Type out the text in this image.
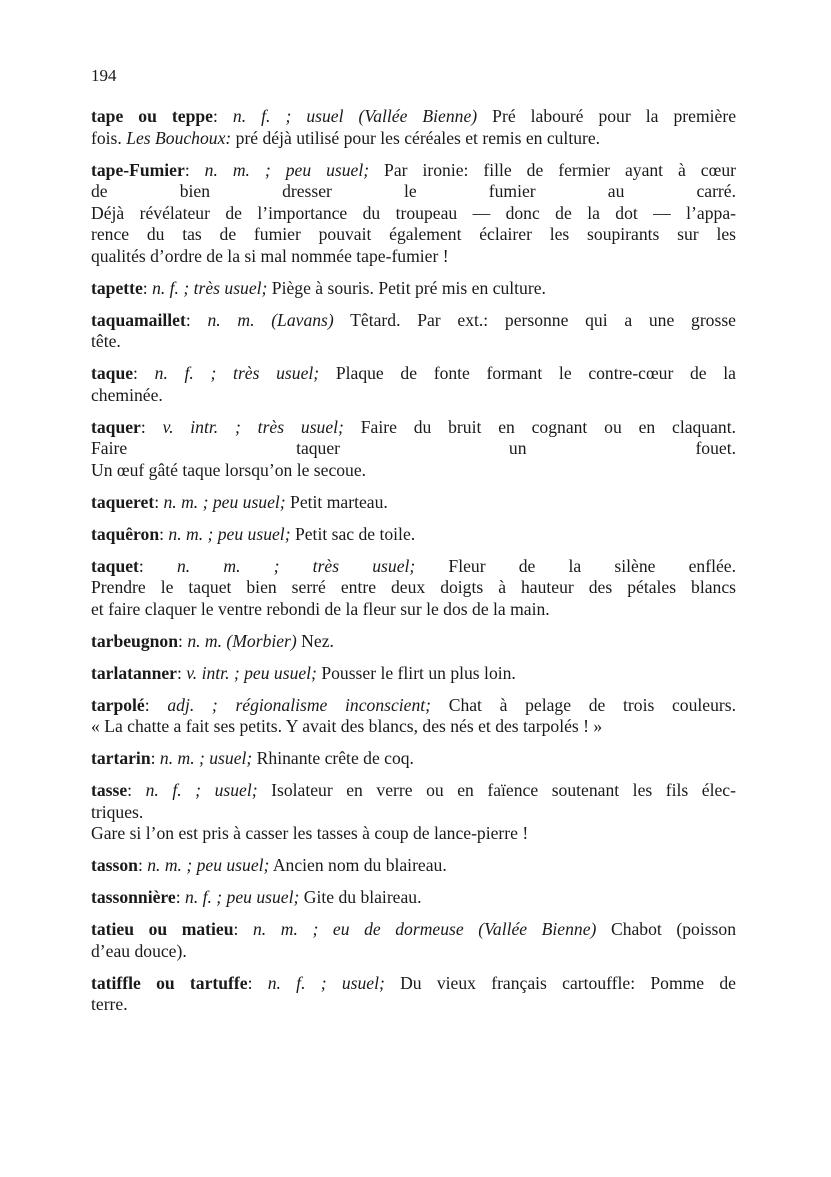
194
tape ou teppe: n. f. ; usuel (Vallée Bienne) Pré labouré pour la première
fois. Les Bouchoux: pré déjà utilisé pour les céréales et remis en culture.
tape-Fumier: n. m. ; peu usuel; Par ironie: fille de fermier ayant à cœur
de bien dresser le fumier au carré.
Déjà révélateur de l’importance du troupeau — donc de la dot — l’appa-
rence du tas de fumier pouvait également éclairer les soupirants sur les
qualités d’ordre de la si mal nommée tape-fumier !
tapette: n. f. ; très usuel; Piège à souris. Petit pré mis en culture.
taquamaillet: n. m. (Lavans) Têtard. Par ext.: personne qui a une grosse
tête.
taque: n. f. ; très usuel; Plaque de fonte formant le contre-cœur de la
cheminée.
taquer: v. intr. ; très usuel; Faire du bruit en cognant ou en claquant.
Faire taquer un fouet.
Un œuf gâté taque lorsqu’on le secoue.
taqueret: n. m. ; peu usuel; Petit marteau.
taquêron: n. m. ; peu usuel; Petit sac de toile.
taquet: n. m. ; très usuel; Fleur de la silène enflée.
Prendre le taquet bien serré entre deux doigts à hauteur des pétales blancs
et faire claquer le ventre rebondi de la fleur sur le dos de la main.
tarbeugnon: n. m. (Morbier) Nez.
tarlatanner: v. intr. ; peu usuel; Pousser le flirt un plus loin.
tarpolé: adj. ; régionalisme inconscient; Chat à pelage de trois couleurs.
« La chatte a fait ses petits. Y avait des blancs, des nés et des tarpolés ! »
tartarin: n. m. ; usuel; Rhinante crête de coq.
tasse: n. f. ; usuel; Isolateur en verre ou en faïence soutenant les fils élec-
triques.
Gare si l’on est pris à casser les tasses à coup de lance-pierre !
tasson: n. m. ; peu usuel; Ancien nom du blaireau.
tassonnière: n. f. ; peu usuel; Gite du blaireau.
tatieu ou matieu: n. m. ; eu de dormeuse (Vallée Bienne) Chabot (poisson
d’eau douce).
tatiffle ou tartuffe: n. f. ; usuel; Du vieux français cartouffle: Pomme de
terre.
